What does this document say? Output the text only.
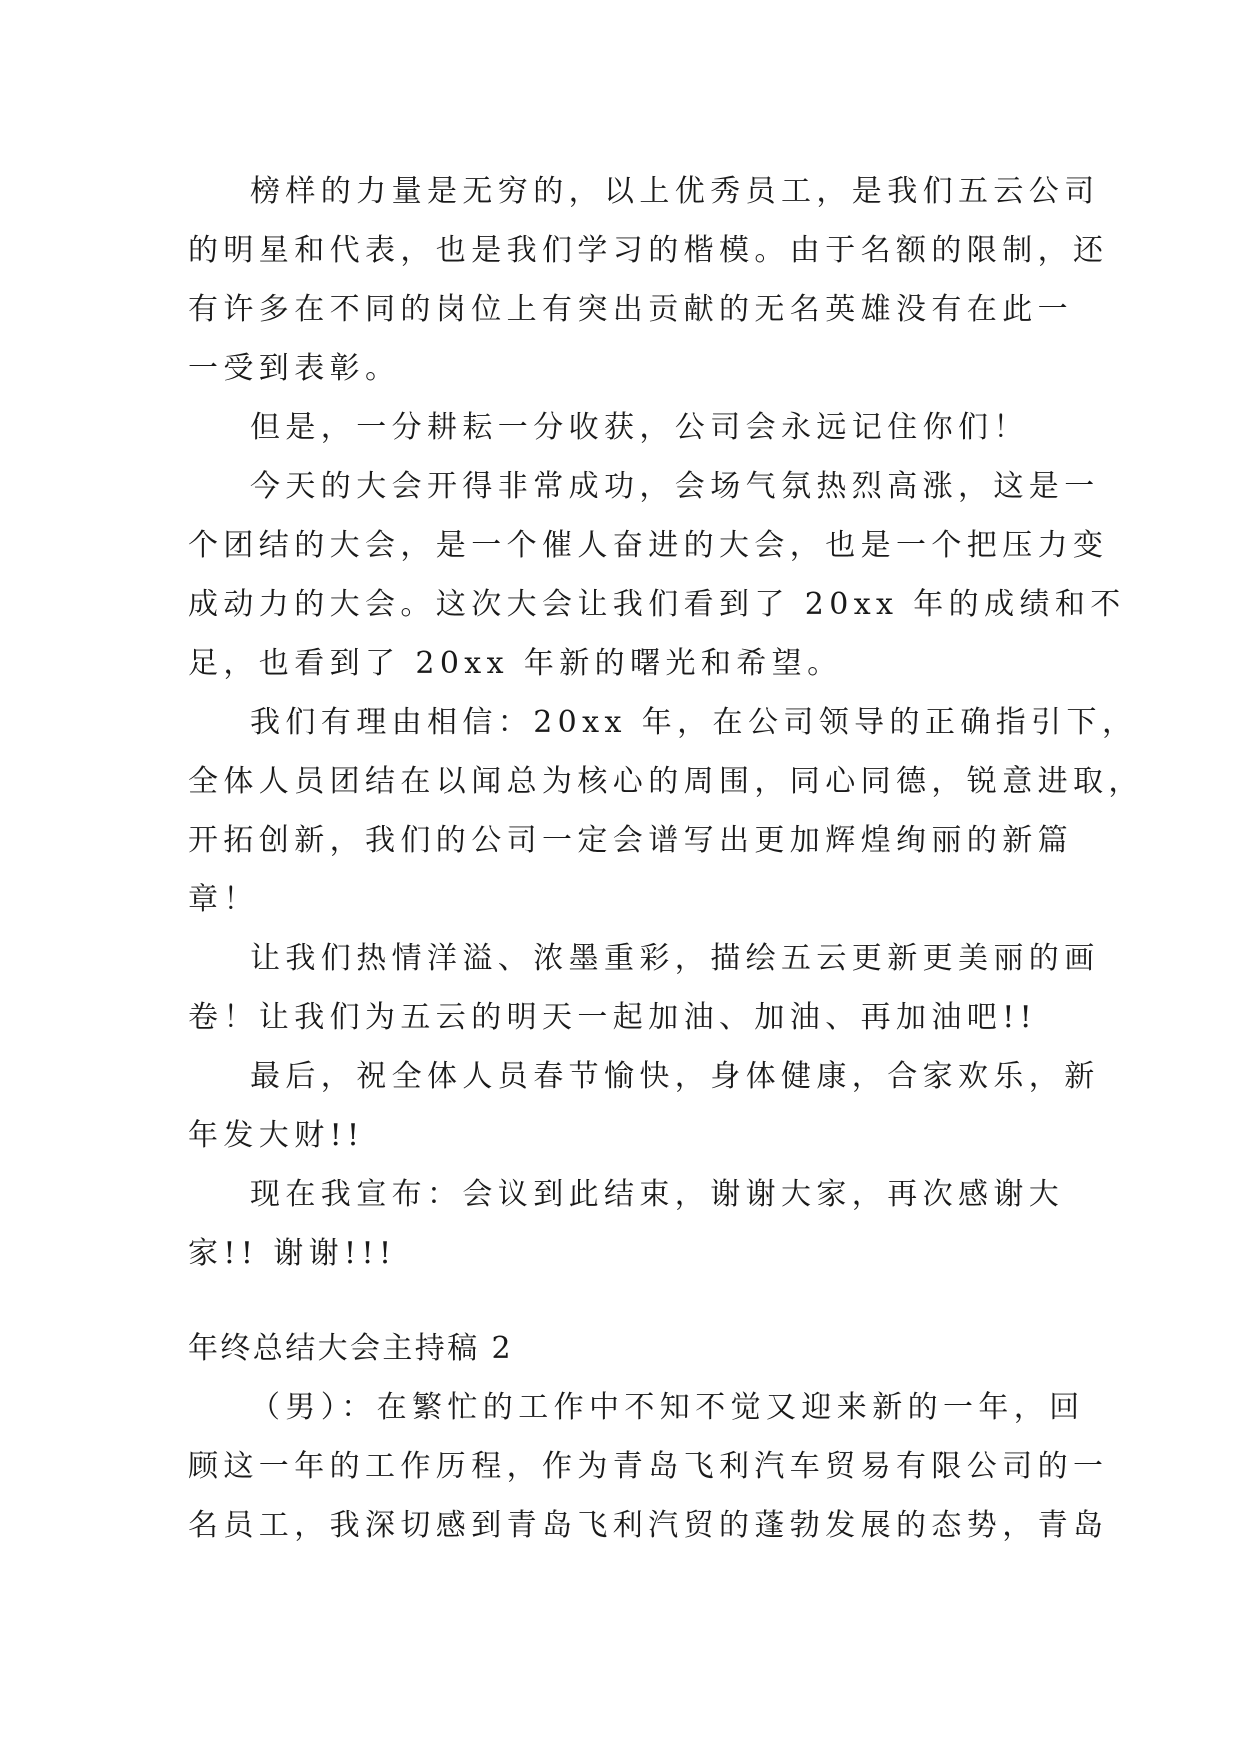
榜样的力量是无穷的，以上优秀员工，是我们五云公司
的明星和代表，也是我们学习的楷模。由于名额的限制，还
有许多在不同的岗位上有突出贡献的无名英雄没有在此一
一受到表彰。
但是，一分耕耘一分收获，公司会永远记住你们！
今天的大会开得非常成功，会场气氛热烈高涨，这是一
个团结的大会，是一个催人奋进的大会，也是一个把压力变
成动力的大会。这次大会让我们看到了 20xx 年的成绩和不
足，也看到了 20xx 年新的曙光和希望。
我们有理由相信：20xx 年，在公司领导的正确指引下，
全体人员团结在以闻总为核心的周围，同心同德，锐意进取，
开拓创新，我们的公司一定会谱写出更加辉煌绚丽的新篇
章！
让我们热情洋溢、浓墨重彩，描绘五云更新更美丽的画
卷！让我们为五云的明天一起加油、加油、再加油吧!!
最后，祝全体人员春节愉快，身体健康，合家欢乐，新
年发大财!!
现在我宣布：会议到此结束，谢谢大家，再次感谢大
家!! 谢谢!!!
年终总结大会主持稿 2
（男）：在繁忙的工作中不知不觉又迎来新的一年，回
顾这一年的工作历程，作为青岛飞利汽车贸易有限公司的一
名员工，我深切感到青岛飞利汽贸的蓬勃发展的态势，青岛
